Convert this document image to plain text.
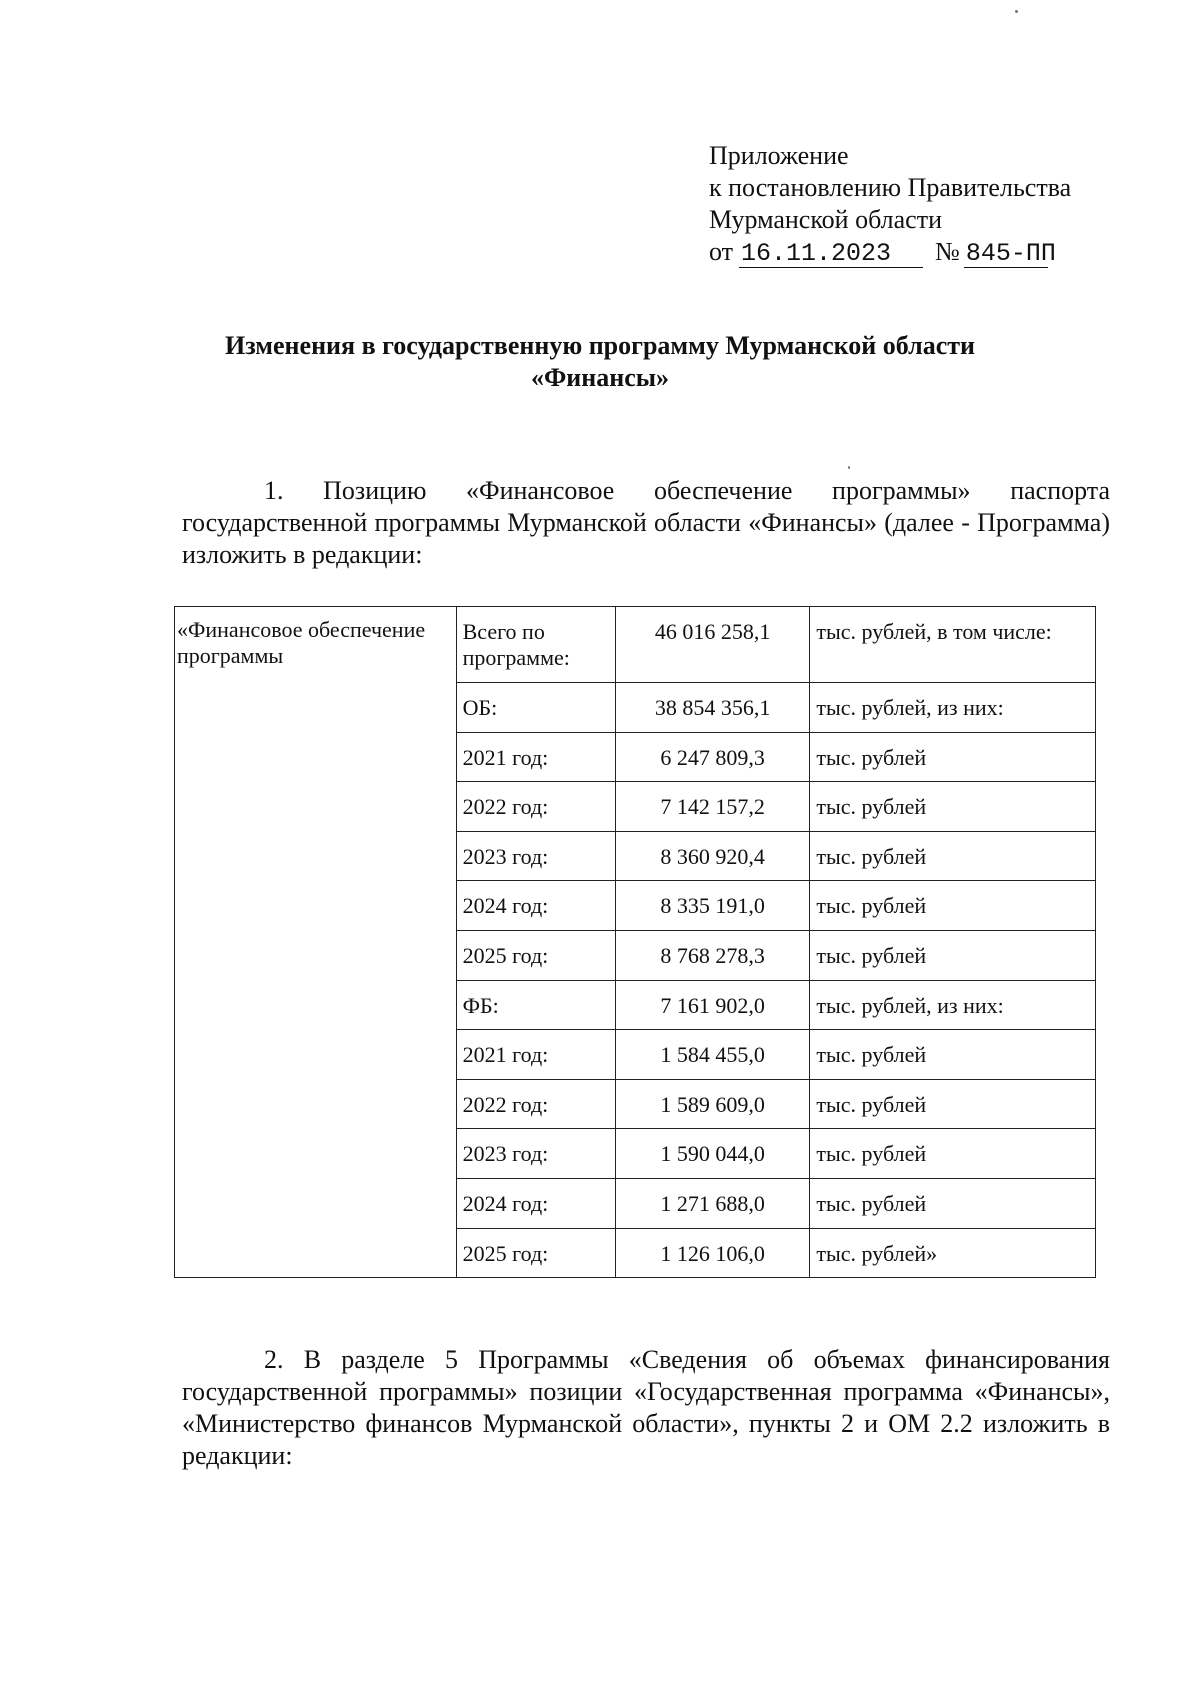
Приложение
к постановлению Правительства
Мурманской области
от 16.11.2023 № 845-ПП
Изменения в государственную программу Мурманской области
«Финансы»
1. Позицию «Финансовое обеспечение программы» паспорта государственной программы Мурманской области «Финансы» (далее - Программа) изложить в редакции:
«Финансовое обеспечение программы	Всего по программе:	46 016 258,1	тыс. рублей, в том числе:
	ОБ:	38 854 356,1	тыс. рублей, из них:
	2021 год:	6 247 809,3	тыс. рублей
	2022 год:	7 142 157,2	тыс. рублей
	2023 год:	8 360 920,4	тыс. рублей
	2024 год:	8 335 191,0	тыс. рублей
	2025 год:	8 768 278,3	тыс. рублей
	ФБ:	7 161 902,0	тыс. рублей, из них:
	2021 год:	1 584 455,0	тыс. рублей
	2022 год:	1 589 609,0	тыс. рублей
	2023 год:	1 590 044,0	тыс. рублей
	2024 год:	1 271 688,0	тыс. рублей
	2025 год:	1 126 106,0	тыс. рублей»
2. В разделе 5 Программы «Сведения об объемах финансирования государственной программы» позиции «Государственная программа «Финансы», «Министерство финансов Мурманской области», пункты 2 и ОМ 2.2 изложить в редакции:
